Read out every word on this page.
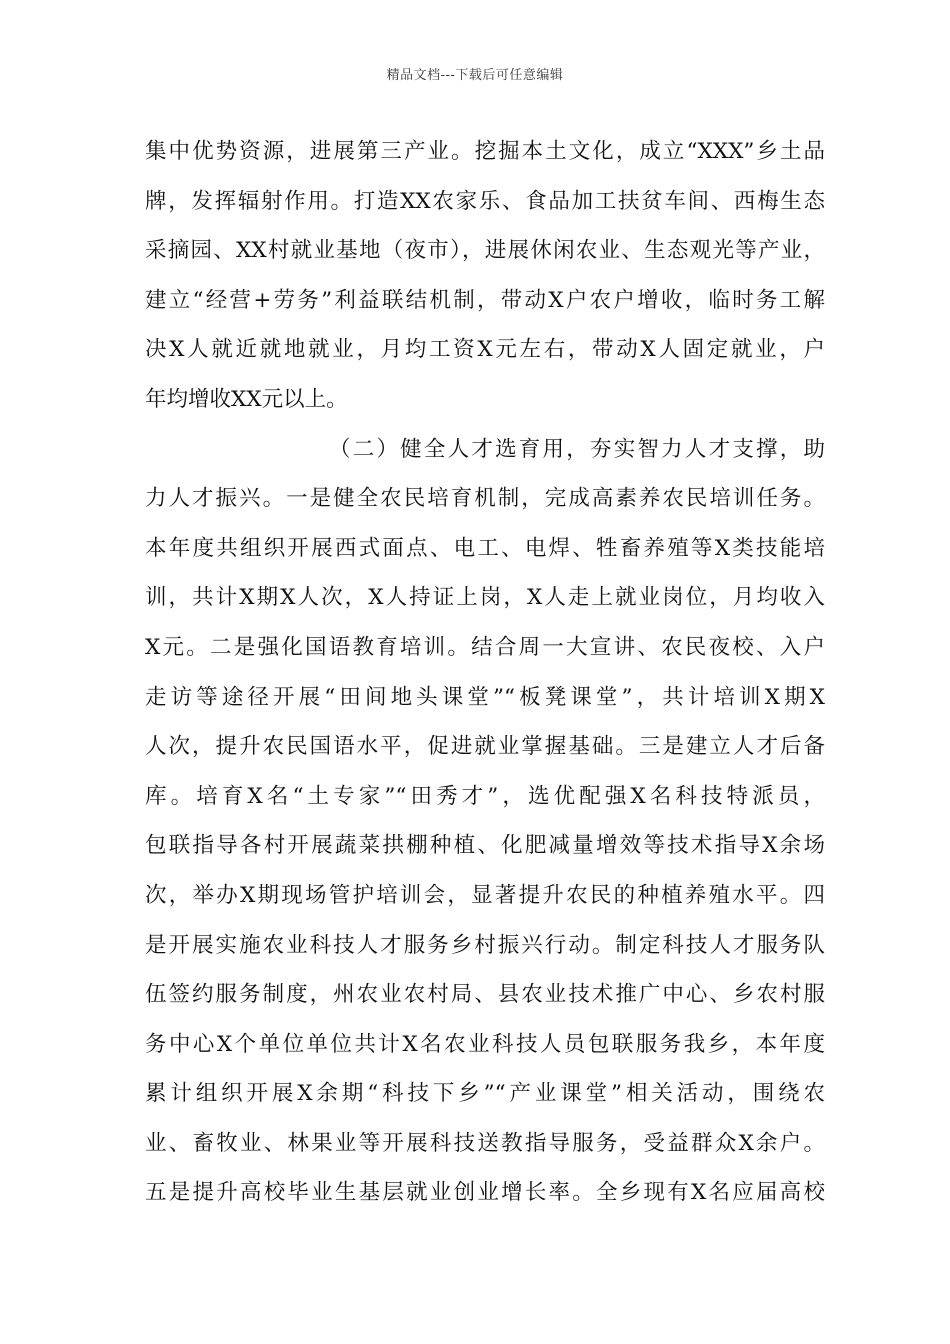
精品文档---下载后可任意编辑
集中优势资源，进展第三产业。挖掘本土文化，成立“XXX”乡土品
牌，发挥辐射作用。打造XX农家乐、食品加工扶贫车间、西梅生态
采摘园、XX村就业基地（夜市），进展休闲农业、生态观光等产业，
建立“经营+劳务”利益联结机制，带动X户农户增收，临时务工解
决X人就近就地就业，月均工资X元左右，带动X人固定就业，户
年均增收XX元以上。
（二）健全人才选育用，夯实智力人才支撑，助
力人才振兴。一是健全农民培育机制，完成高素养农民培训任务。
本年度共组织开展西式面点、电工、电焊、牲畜养殖等X类技能培
训，共计X期X人次，X人持证上岗，X人走上就业岗位，月均收入
X元。二是强化国语教育培训。结合周一大宣讲、农民夜校、入户
走访等途径开展“田间地头课堂”“板凳课堂”，共计培训X期X
人次，提升农民国语水平，促进就业掌握基础。三是建立人才后备
库。培育X名“土专家”“田秀才”，选优配强X名科技特派员，
包联指导各村开展蔬菜拱棚种植、化肥减量增效等技术指导X余场
次，举办X期现场管护培训会，显著提升农民的种植养殖水平。四
是开展实施农业科技人才服务乡村振兴行动。制定科技人才服务队
伍签约服务制度，州农业农村局、县农业技术推广中心、乡农村服
务中心X个单位单位共计X名农业科技人员包联服务我乡，本年度
累计组织开展X余期“科技下乡”“产业课堂”相关活动，围绕农
业、畜牧业、林果业等开展科技送教指导服务，受益群众X余户。
五是提升高校毕业生基层就业创业增长率。全乡现有X名应届高校
